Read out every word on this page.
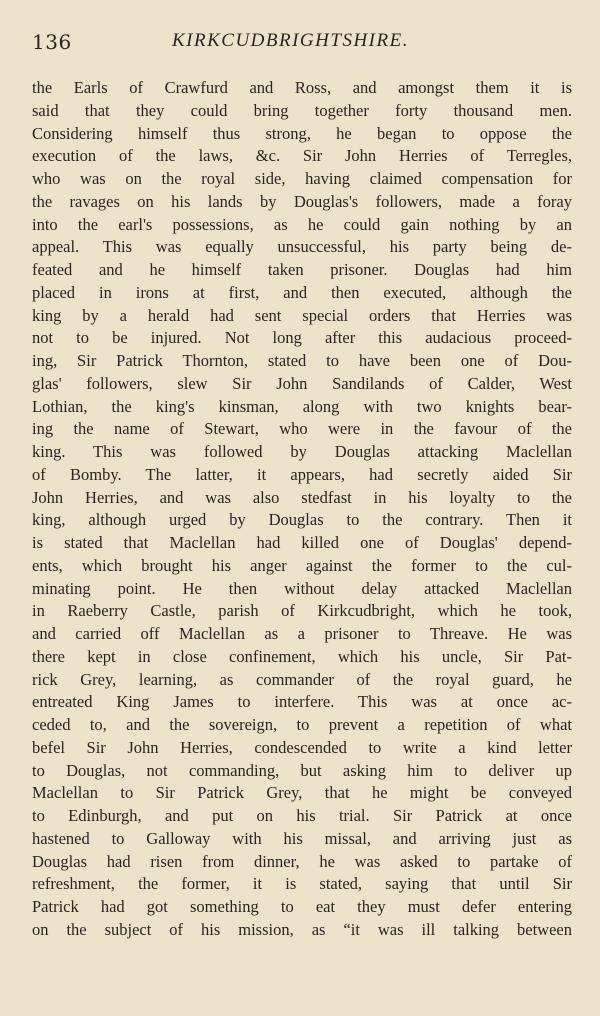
136	KIRKCUDBRIGHTSHIRE.
the Earls of Crawfurd and Ross, and amongst them it is
said that they could bring together forty thousand men.
Considering himself thus strong, he began to oppose the
execution of the laws, &c. Sir John Herries of Terregles,
who was on the royal side, having claimed compensation for
the ravages on his lands by Douglas's followers, made a foray
into the earl's possessions, as he could gain nothing by an
appeal. This was equally unsuccessful, his party being de-
feated and he himself taken prisoner. Douglas had him
placed in irons at first, and then executed, although the
king by a herald had sent special orders that Herries was
not to be injured. Not long after this audacious proceed-
ing, Sir Patrick Thornton, stated to have been one of Dou-
glas' followers, slew Sir John Sandilands of Calder, West
Lothian, the king's kinsman, along with two knights bear-
ing the name of Stewart, who were in the favour of the
king. This was followed by Douglas attacking Maclellan
of Bomby. The latter, it appears, had secretly aided Sir
John Herries, and was also stedfast in his loyalty to the
king, although urged by Douglas to the contrary. Then it
is stated that Maclellan had killed one of Douglas' depend-
ents, which brought his anger against the former to the cul-
minating point. He then without delay attacked Maclellan
in Raeberry Castle, parish of Kirkcudbright, which he took,
and carried off Maclellan as a prisoner to Threave. He was
there kept in close confinement, which his uncle, Sir Pat-
rick Grey, learning, as commander of the royal guard, he
entreated King James to interfere. This was at once ac-
ceded to, and the sovereign, to prevent a repetition of what
befel Sir John Herries, condescended to write a kind letter
to Douglas, not commanding, but asking him to deliver up
Maclellan to Sir Patrick Grey, that he might be conveyed
to Edinburgh, and put on his trial. Sir Patrick at once
hastened to Galloway with his missal, and arriving just as
Douglas had risen from dinner, he was asked to partake of
refreshment, the former, it is stated, saying that until Sir
Patrick had got something to eat they must defer entering
on the subject of his mission, as “it was ill talking between
